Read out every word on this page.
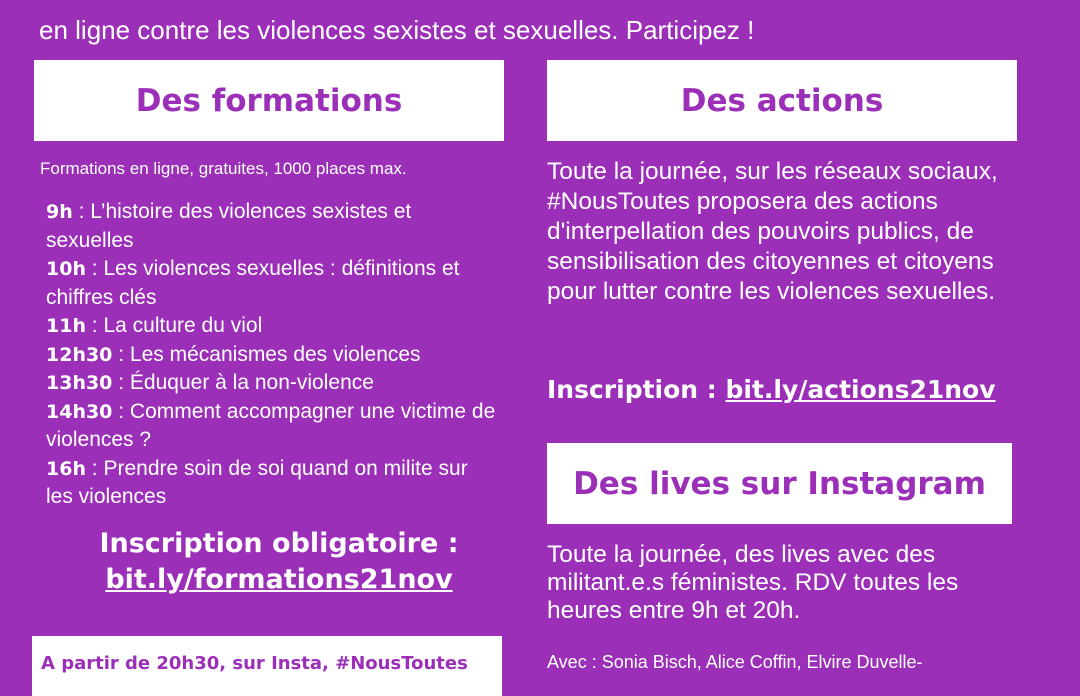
en ligne contre les violences sexistes et sexuelles. Participez !

Des formations
Formations en ligne, gratuites, 1000 places max.

9h : L’histoire des violences sexistes et sexuelles

10h : Les violences sexuelles : définitions et chiffres clés

11h : La culture du viol

12h30 : Les mécanismes des violences

13h30 : Éduquer à la non-violence

14h30 : Comment accompagner une victime de violences ?

16h : Prendre soin de soi quand on milite sur les violences

Inscription obligatoire :
bit.ly/formations21nov
Des actions
Toute la journée, sur les réseaux sociaux, #NousToutes proposera des actions d'interpellation des pouvoirs publics, de sensibilisation des citoyennes et citoyens pour lutter contre les violences sexuelles.
Inscription : bit.ly/actions21nov
Des lives sur Instagram
Toute la journée, des lives avec des militant.e.s féministes. RDV toutes les heures entre 9h et 20h.
Avec : Sonia Bisch, Alice Coffin, Elvire Duvelle-

A partir de 20h30, sur Insta, #NousToutes
